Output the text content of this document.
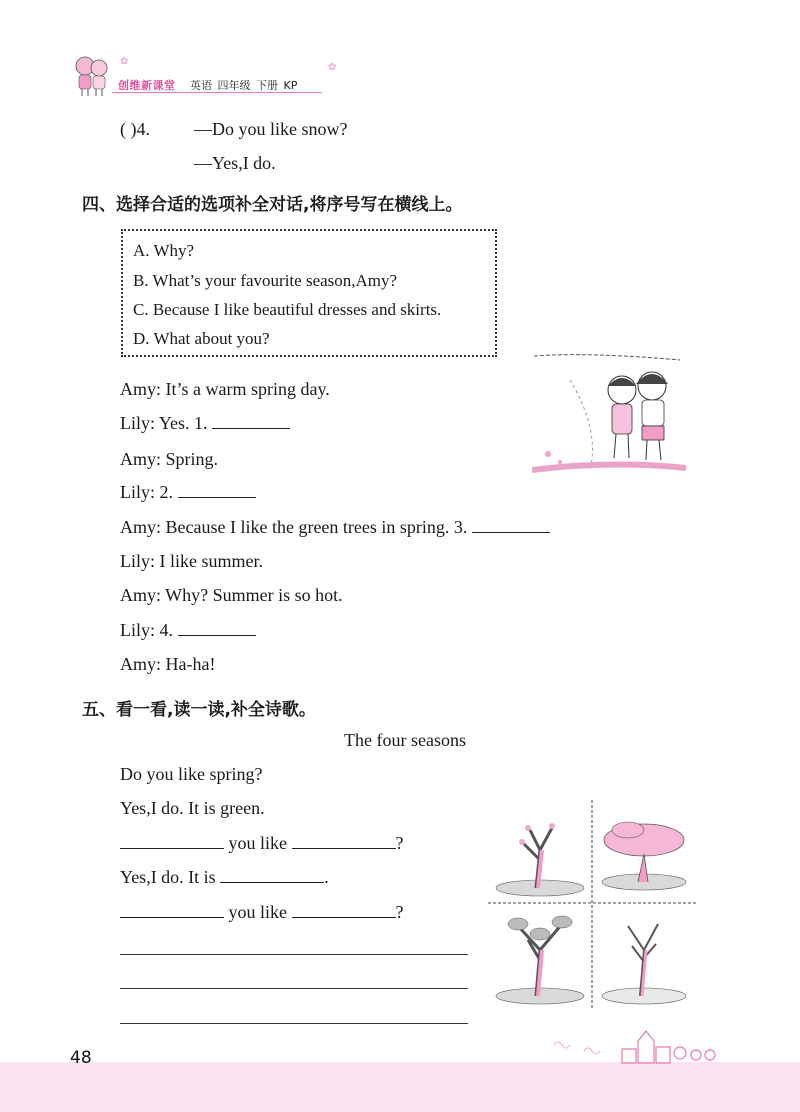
创维新课堂 英语 四年级 下册 KP
✿
✿
( )4. —Do you like snow?
—Yes,I do.
四、选择合适的选项补全对话,将序号写在横线上。
A. Why?
B. What’s your favourite season,Amy?
C. Because I like beautiful dresses and skirts.
D. What about you?
Amy: It’s a warm spring day.
Lily: Yes. 1.
Amy: Spring.
Lily: 2.
Amy: Because I like the green trees in spring. 3.
Lily: I like summer.
Amy: Why? Summer is so hot.
Lily: 4.
Amy: Ha-ha!
五、看一看,读一读,补全诗歌。
The four seasons
Do you like spring?
Yes,I do. It is green.
you like	?
Yes,I do. It is	.
you like	?
48
